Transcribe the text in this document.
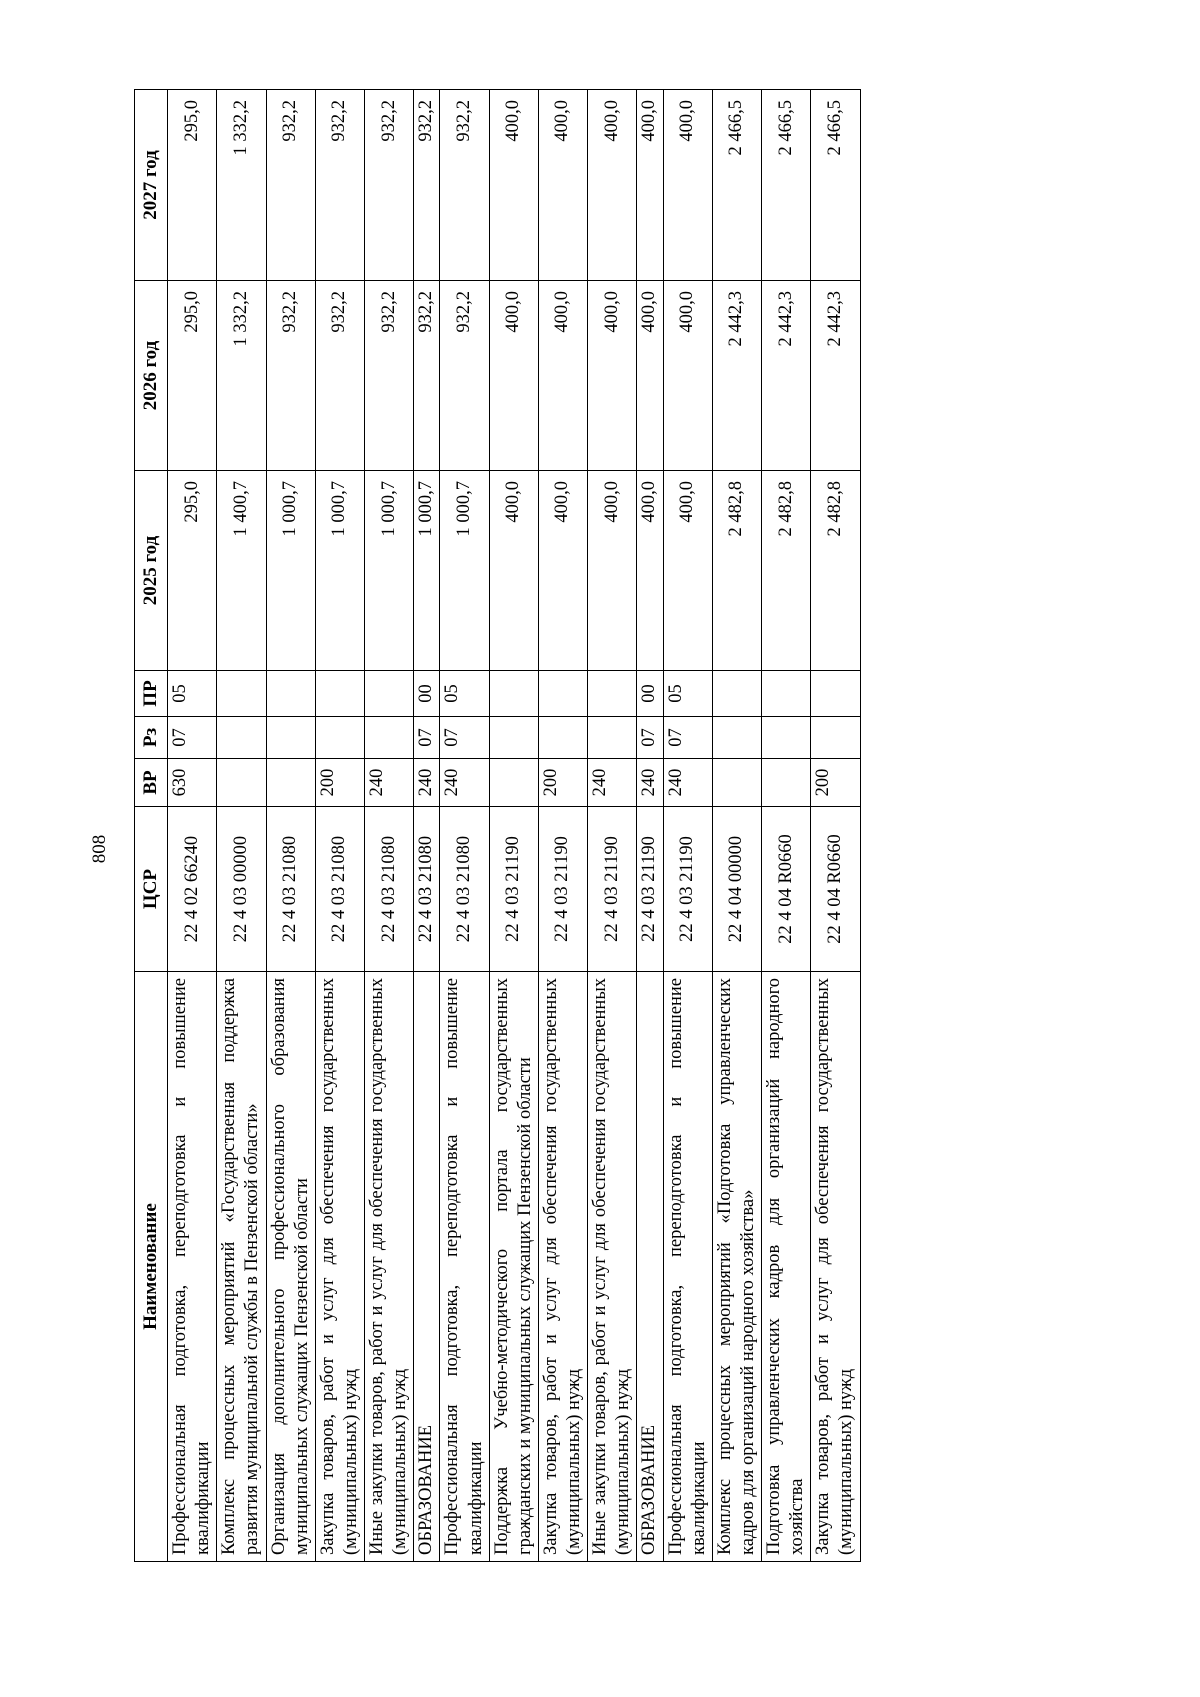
808
Наименование	ЦСР	ВР	Рз	ПР	2025 год	2026 год	2027 год
Профессиональная подготовка, переподготовка и повышение квалификации	22 4 02 66240	630	07	05	295,0	295,0	295,0
Комплекс процессных мероприятий «Государственная поддержка развития муниципальной службы в Пензенской области»	22 4 03 00000				1 400,7	1 332,2	1 332,2
Организация дополнительного профессионального образования муниципальных служащих Пензенской области	22 4 03 21080				1 000,7	932,2	932,2
Закупка товаров, работ и услуг для обеспечения государственных (муниципальных) нужд	22 4 03 21080	200			1 000,7	932,2	932,2
Иные закупки товаров, работ и услуг для обеспечения государственных (муниципальных) нужд	22 4 03 21080	240			1 000,7	932,2	932,2
ОБРАЗОВАНИЕ	22 4 03 21080	240	07	00	1 000,7	932,2	932,2
Профессиональная подготовка, переподготовка и повышение квалификации	22 4 03 21080	240	07	05	1 000,7	932,2	932,2
Поддержка Учебно-методического портала государственных гражданских и муниципальных служащих Пензенской области	22 4 03 21190				400,0	400,0	400,0
Закупка товаров, работ и услуг для обеспечения государственных (муниципальных) нужд	22 4 03 21190	200			400,0	400,0	400,0
Иные закупки товаров, работ и услуг для обеспечения государственных (муниципальных) нужд	22 4 03 21190	240			400,0	400,0	400,0
ОБРАЗОВАНИЕ	22 4 03 21190	240	07	00	400,0	400,0	400,0
Профессиональная подготовка, переподготовка и повышение квалификации	22 4 03 21190	240	07	05	400,0	400,0	400,0
Комплекс процессных мероприятий «Подготовка управленческих кадров для организаций народного хозяйства»	22 4 04 00000				2 482,8	2 442,3	2 466,5
Подготовка управленческих кадров для организаций народного хозяйства	22 4 04 R0660				2 482,8	2 442,3	2 466,5
Закупка товаров, работ и услуг для обеспечения государственных (муниципальных) нужд	22 4 04 R0660	200			2 482,8	2 442,3	2 466,5
